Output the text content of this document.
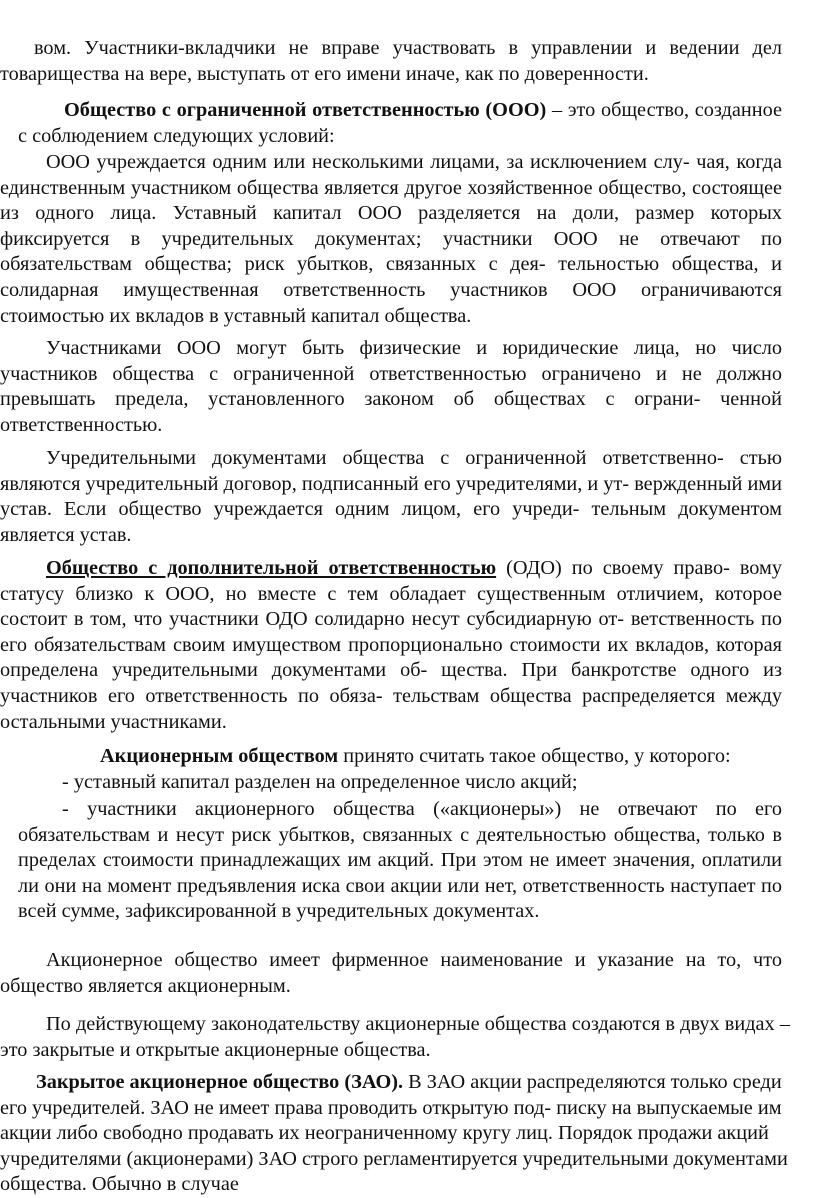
вом. Участники-вкладчики не вправе участвовать в управлении и ведении дел товарищества на вере, выступать от его имени иначе, как по доверенности.

Общество с ограниченной ответственностью (ООО) – это общество, созданное с соблюдением следующих условий:

ООО учреждается одним или несколькими лицами, за исключением слу- чая, когда единственным участником общества является другое хозяйственное общество, состоящее из одного лица. Уставный капитал ООО разделяется на доли, размер которых фиксируется в учредительных документах; участники ООО не отвечают по обязательствам общества; риск убытков, связанных с дея- тельностью общества, и солидарная имущественная ответственность участников ООО ограничиваются стоимостью их вкладов в уставный капитал общества.

Участниками ООО могут быть физические и юридические лица, но число участников общества с ограниченной ответственностью ограничено и не должно превышать предела, установленного законом об обществах с ограни- ченной ответственностью.

Учредительными документами общества с ограниченной ответственно- стью являются учредительный договор, подписанный его учредителями, и ут- вержденный ими устав. Если общество учреждается одним лицом, его учреди- тельным документом является устав.

Общество с дополнительной ответственностью (ОДО) по своему право- вому статусу близко к ООО, но вместе с тем обладает существенным отличием, которое состоит в том, что участники ОДО солидарно несут субсидиарную от- ветственность по его обязательствам своим имуществом пропорционально стоимости их вкладов, которая определена учредительными документами об- щества. При банкротстве одного из участников его ответственность по обяза- тельствам общества распределяется между остальными участниками.

Акционерным обществом принято считать такое общество, у которого:

- уставный капитал разделен на определенное число акций;

- участники акционерного общества («акционеры») не отвечают по его обязательствам и несут риск убытков, связанных с деятельностью общества, только в пределах стоимости принадлежащих им акций. При этом не имеет значения, оплатили ли они на момент предъявления иска свои акции или нет, ответственность наступает по всей сумме, зафиксированной в учредительных документах.

Акционерное общество имеет фирменное наименование и указание на то, что общество является акционерным.

По действующему законодательству акционерные общества создаются в двух видах – это закрытые и открытые акционерные общества.

Закрытое акционерное общество (ЗАО). В ЗАО акции распределяются только среди его учредителей. ЗАО не имеет права проводить открытую под- писку на выпускаемые им акции либо свободно продавать их неограниченному кругу лиц. Порядок продажи акций учредителями (акционерами) ЗАО строго регламентируется учредительными документами общества. Обычно в случае
